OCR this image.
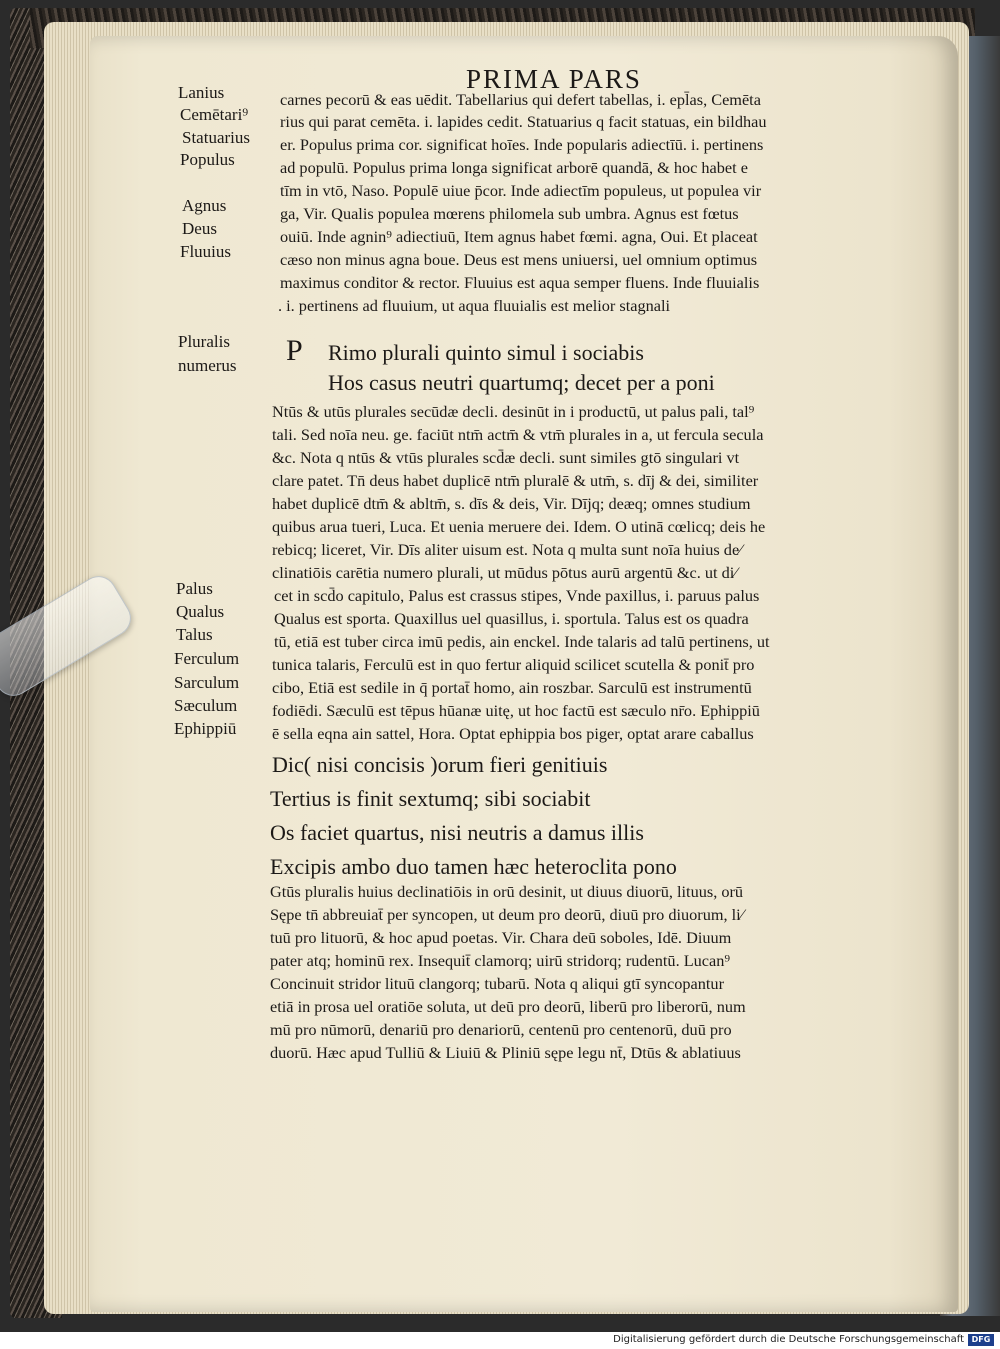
PRIMA PARS
Lanius
Cemētari⁹
Statuarius
Populus
Agnus
Deus
Fluuius
Pluralis
numerus
Palus
Qualus
Talus
Ferculum
Sarculum
Sæculum
Ephippiū
carnes pecorū & eas uēdit. Tabellarius qui defert tabellas, i. epl̄as, Cemēta
rius qui parat cemēta. i. lapides cedit. Statuarius q facit statuas, ein bildhau
er. Populus prima cor. significat hoīes. Inde popularis adiectīū. i. pertinens
ad populū. Populus prima longa significat arborē quandā, & hoc habet e
tīm in vtō, Naso. Populē uiue p̄cor. Inde adiectīm populeus, ut populea vir
ga, Vir. Qualis populea mœrens philomela sub umbra. Agnus est fœtus
ouiū. Inde agnin⁹ adiectiuū, Item agnus habet fœmi. agna, Oui. Et placeat
cæso non minus agna boue. Deus est mens uniuersi, uel omnium optimus
maximus conditor & rector. Fluuius est aqua semper fluens. Inde fluuialis
. i. pertinens ad fluuium, ut aqua fluuialis est melior stagnali
P Rimo plurali quinto simul i sociabis
Hos casus neutri quartumq; decet per a poni
Ntūs & utūs plurales secūdæ decli. desinūt in i productū, ut palus pali, tal⁹
tali. Sed noīa neu. ge. faciūt ntm̄ actm̄ & vtm̄ plurales in a, ut fercula secula
&c. Nota q ntūs & vtūs plurales scd̄æ decli. sunt similes gtō singulari vt
clare patet. Tn̄ deus habet duplicē ntm̄ pluralē & utm̄, s. dīj & dei, similiter
habet duplicē dtm̄ & abltm̄, s. dīs & deis, Vir. Dījq; deæq; omnes studium
quibus arua tueri, Luca. Et uenia meruere dei. Idem. O utinā cœlicq; deis he
rebicq; liceret, Vir. Dīs aliter uisum est. Nota q multa sunt noīa huius de⁄
clinatiōis carētia numero plurali, ut mūdus pōtus aurū argentū &c. ut di⁄
cet in scd̄o capitulo, Palus est crassus stipes, Vnde paxillus, i. paruus palus
Qualus est sporta. Quaxillus uel quasillus, i. sportula. Talus est os quadra
tū, etiā est tuber circa imū pedis, ain enckel. Inde talaris ad talū pertinens, ut
tunica talaris, Ferculū est in quo fertur aliquid scilicet scutella & ponit̄ pro
cibo, Etiā est sedile in q̄ portat̄ homo, ain roszbar. Sarculū est instrumentū
fodiēdi. Sæculū est tēpus hūanæ uitę, ut hoc factū est sæculo nr̄o. Ephippiū
ē sella eqna ain sattel, Hora. Optat ephippia bos piger, optat arare caballus
Dic( nisi concisis )orum fieri genitiuis
Tertius is finit sextumq; sibi sociabit
Os faciet quartus, nisi neutris a damus illis
Excipis ambo duo tamen hæc heteroclita pono
Gtūs pluralis huius declinatiōis in orū desinit, ut diuus diuorū, lituus, orū
Sępe tn̄ abbreuiat̄ per syncopen, ut deum pro deorū, diuū pro diuorum, li⁄
tuū pro lituorū, & hoc apud poetas. Vir. Chara deū soboles, Idē. Diuum
pater atq; hominū rex. Insequit̄ clamorq; uirū stridorq; rudentū. Lucan⁹
Concinuit stridor lituū clangorq; tubarū. Nota q aliqui gtī syncopantur
etiā in prosa uel oratiōe soluta, ut deū pro deorū, liberū pro liberorū, num
mū pro nūmorū, denariū pro denariorū, centenū pro centenorū, duū pro
duorū. Hæc apud Tulliū & Liuiū & Pliniū sępe legu nt̄, Dtūs & ablatiuus
Digitalisierung gefördert durch die Deutsche Forschungsgemeinschaft DFG
